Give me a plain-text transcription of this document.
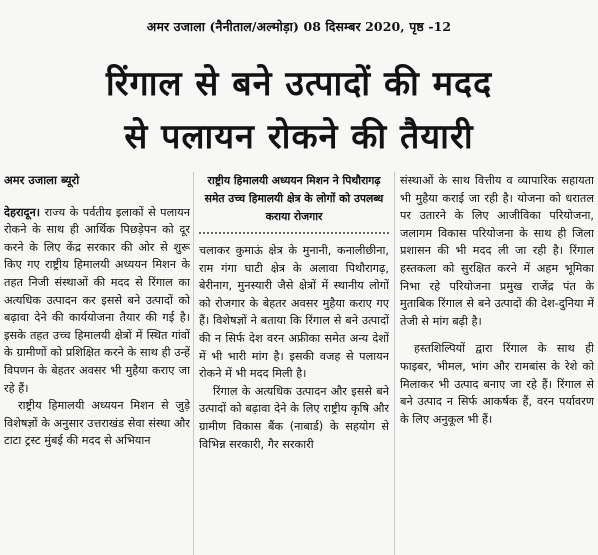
अमर उजाला (नैनीताल/अल्मोड़ा) 08 दिसम्बर 2020, पृष्ठ -12
रिंगाल से बने उत्पादों की मदद
से पलायन रोकने की तैयारी

अमर उजाला ब्यूरो

देहरादून। राज्य के पर्वतीय इलाकों से पलायन रोकने के साथ ही आर्थिक पिछड़ेपन को दूर करने के लिए केंद्र सरकार की ओर से शुरू किए गए राष्ट्रीय हिमालयी अध्ययन मिशन के तहत निजी संस्थाओं की मदद से रिंगाल का अत्यधिक उत्पादन कर इससे बने उत्पादों को बढ़ावा देने की कार्ययोजना तैयार की गई है। इसके तहत उच्च हिमालयी क्षेत्रों में स्थित गांवों के ग्रामीणों को प्रशिक्षित करने के साथ ही उन्हें विपणन के बेहतर अवसर भी मुहैया कराए जा रहे हैं।

राष्ट्रीय हिमालयी अध्ययन मिशन से जुड़े विशेषज्ञों के अनुसार उत्तराखंड सेवा संस्था और टाटा ट्रस्ट मुंबई की मदद से अभियान

राष्ट्रीय हिमालयी अध्ययन मिशन ने पिथौरागढ़ समेत उच्च हिमालयी क्षेत्र के लोगों को उपलब्ध कराया रोजगार

चलाकर कुमाऊं क्षेत्र के मुनानी, कनालीछीना, राम गंगा घाटी क्षेत्र के अलावा पिथौरागढ़, बेरीनाग, मुनस्यारी जैसे क्षेत्रों में स्थानीय लोगों को रोजगार के बेहतर अवसर मुहैया कराए गए हैं। विशेषज्ञों ने बताया कि रिंगाल से बने उत्पादों की न सिर्फ देश वरन अफ्रीका समेत अन्य देशों में भी भारी मांग है। इसकी वजह से पलायन रोकने में भी मदद मिली है।

रिंगाल के अत्यधिक उत्पादन और इससे बने उत्पादों को बढ़ावा देने के लिए राष्ट्रीय कृषि और ग्रामीण विकास बैंक (नाबार्ड) के सहयोग से विभिन्न सरकारी, गैर सरकारी

संस्थाओं के साथ वित्तीय व व्यापारिक सहायता भी मुहैया कराई जा रही है। योजना को धरातल पर उतारने के लिए आजीविका परियोजना, जलागम विकास परियोजना के साथ ही जिला प्रशासन की भी मदद ली जा रही है। रिंगाल हस्तकला को सुरक्षित करने में अहम भूमिका निभा रहे परियोजना प्रमुख राजेंद्र पंत के मुताबिक रिंगाल से बने उत्पादों की देश-दुनिया में तेजी से मांग बढ़ी है।

हस्तशिल्पियों द्वारा रिंगाल के साथ ही फाइबर, भीमल, भांग और रामबांस के रेशे को मिलाकर भी उत्पाद बनाए जा रहे हैं। रिंगाल से बने उत्पाद न सिर्फ आकर्षक हैं, वरन पर्यावरण के लिए अनुकूल भी हैं।
